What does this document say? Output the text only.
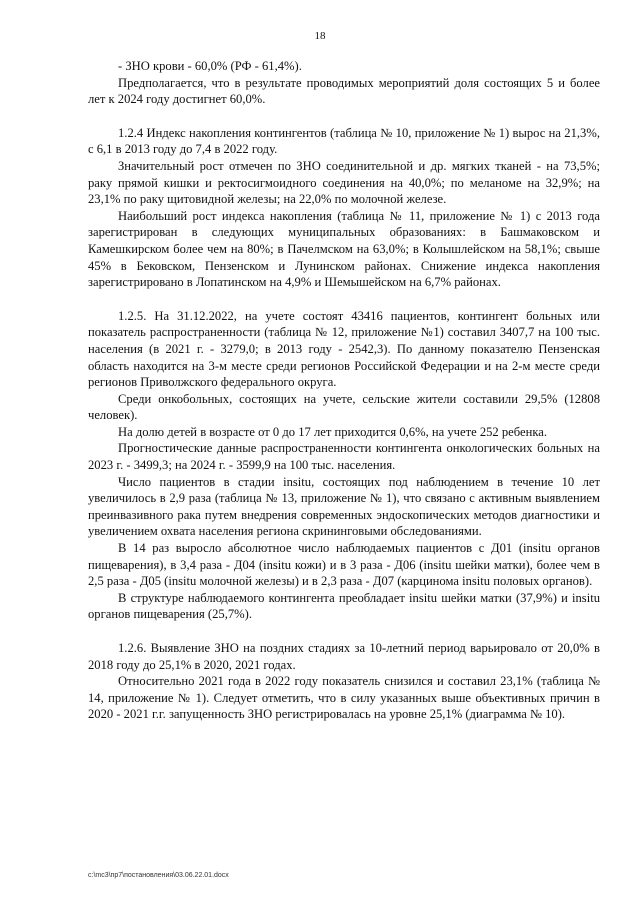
18

- ЗНО крови - 60,0% (РФ - 61,4%).

Предполагается, что в результате проводимых мероприятий доля состоящих 5 и более лет к 2024 году достигнет 60,0%.

1.2.4 Индекс накопления контингентов (таблица № 10, приложение № 1) вырос на 21,3%, с 6,1 в 2013 году до 7,4 в 2022 году.

Значительный рост отмечен по ЗНО соединительной и др. мягких тканей - на 73,5%; раку прямой кишки и ректосигмоидного соединения на 40,0%; по меланоме на 32,9%; на 23,1% по раку щитовидной железы; на 22,0% по молочной железе.

Наибольший рост индекса накопления (таблица № 11, приложение № 1) с 2013 года зарегистрирован в следующих муниципальных образованиях: в Башмаковском и Камешкирском более чем на 80%; в Пачелмском на 63,0%; в Колышлейском на 58,1%; свыше 45% в Бековском, Пензенском и Лунинском районах. Снижение индекса накопления зарегистрировано в Лопатинском на 4,9% и Шемышейском на 6,7% районах.

1.2.5. На 31.12.2022, на учете состоят 43416 пациентов, контингент больных или показатель распространенности (таблица № 12, приложение №1) составил 3407,7 на 100 тыс. населения (в 2021 г. - 3279,0; в 2013 году - 2542,3). По данному показателю Пензенская область находится на 3-м месте среди регионов Российской Федерации и на 2-м месте среди регионов Приволжского федерального округа.

Среди онкобольных, состоящих на учете, сельские жители составили 29,5% (12808 человек).

На долю детей в возрасте от 0 до 17 лет приходится 0,6%, на учете 252 ребенка.

Прогностические данные распространенности контингента онкологических больных на 2023 г. - 3499,3; на 2024 г. - 3599,9 на 100 тыс. населения.

Число пациентов в стадии insitu, состоящих под наблюдением в течение 10 лет увеличилось в 2,9 раза (таблица № 13, приложение № 1), что связано с активным выявлением преинвазивного рака путем внедрения современных эндоскопических методов диагностики и увеличением охвата населения региона скрининговыми обследованиями.

В 14 раз выросло абсолютное число наблюдаемых пациентов с Д01 (insitu органов пищеварения), в 3,4 раза - Д04 (insitu кожи) и в 3 раза - Д06 (insitu шейки матки), более чем в 2,5 раза - Д05 (insitu молочной железы) и в 2,3 раза - Д07 (карцинома insitu половых органов).

В структуре наблюдаемого контингента преобладает insitu шейки матки (37,9%) и insitu органов пищеварения (25,7%).

1.2.6. Выявление ЗНО на поздних стадиях за 10-летний период варьировало от 20,0% в 2018 году до 25,1% в 2020, 2021 годах.

Относительно 2021 года в 2022 году показатель снизился и составил 23,1% (таблица № 14, приложение № 1). Следует отметить, что в силу указанных выше объективных причин в 2020 - 2021 г.г. запущенность ЗНО регистрировалась на уровне 25,1% (диаграмма № 10).

c:\mc3\пр7\постановления\03.06.22.01.docx
